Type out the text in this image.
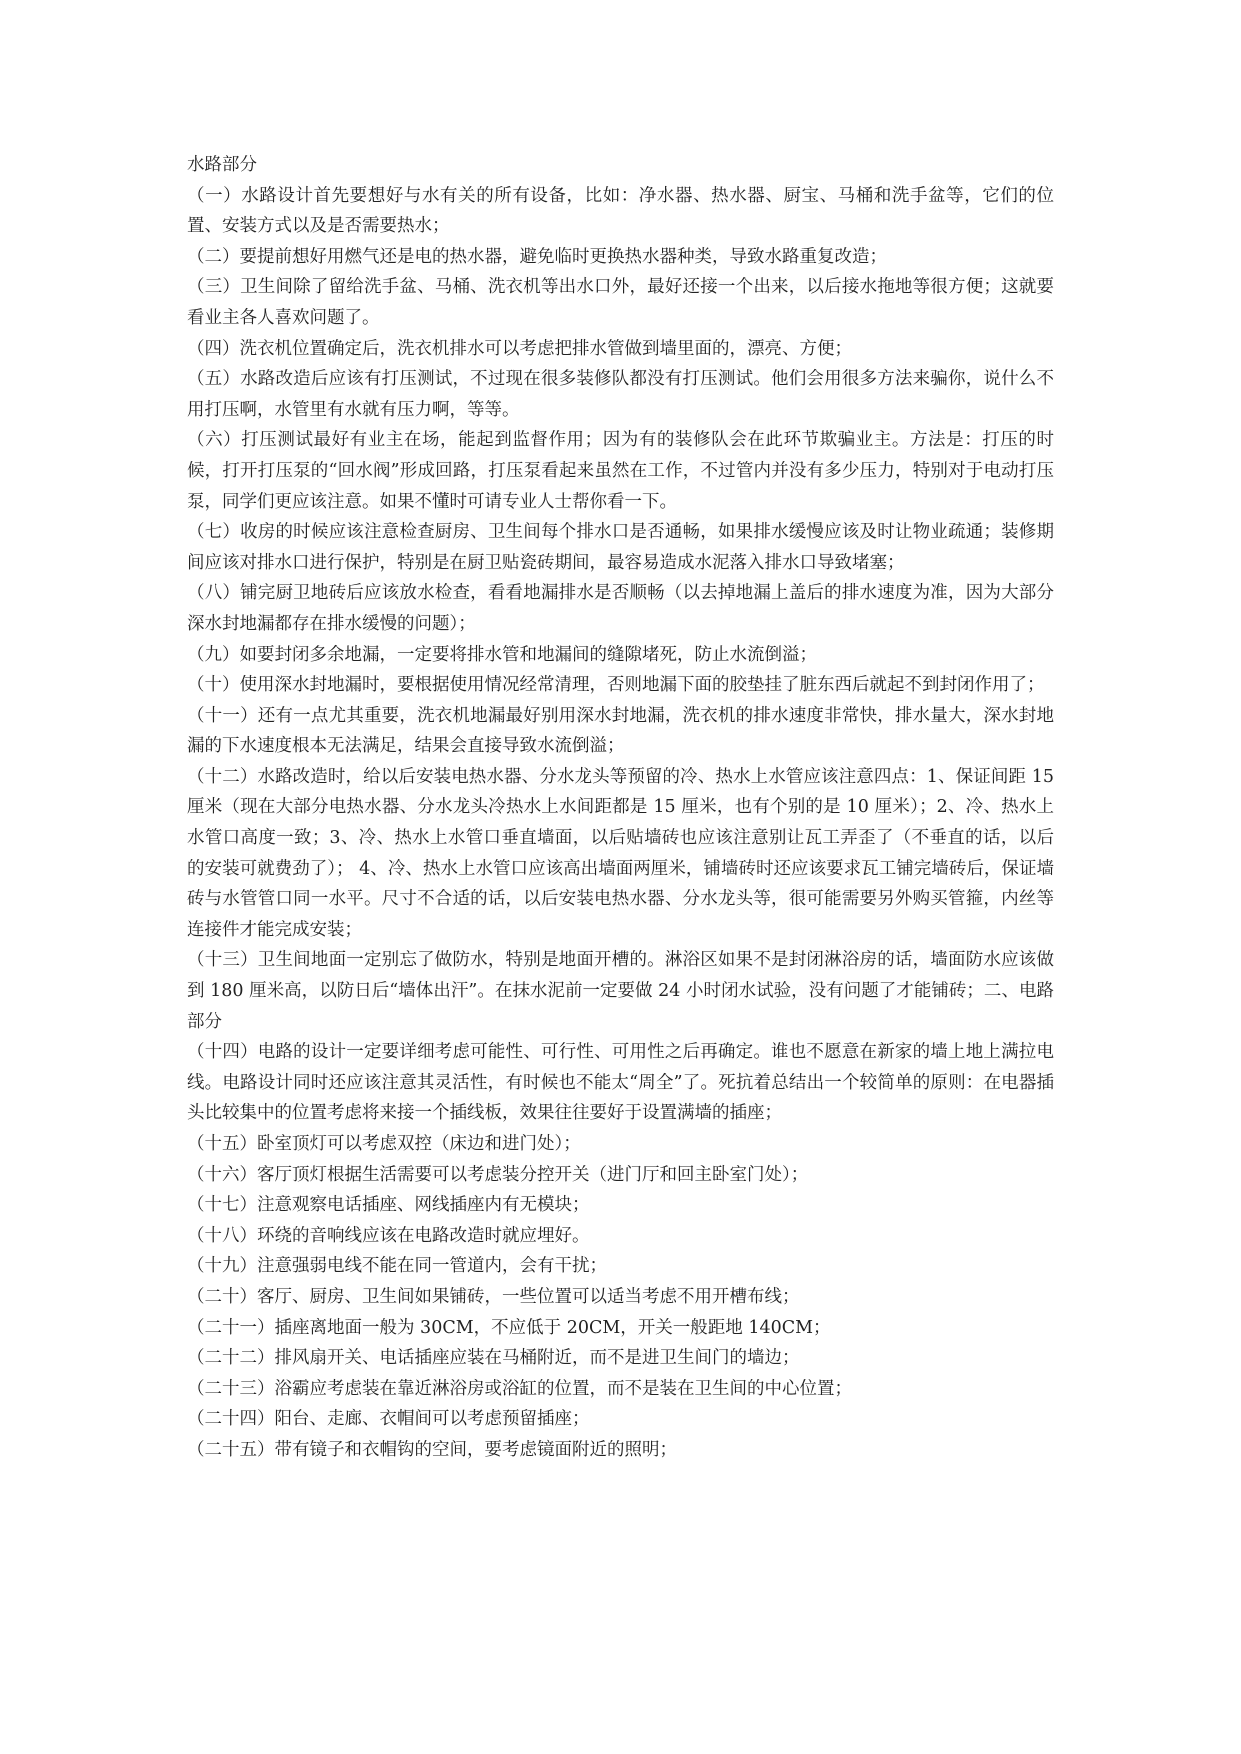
水路部分

（一）水路设计首先要想好与水有关的所有设备，比如：净水器、热水器、厨宝、马桶和洗手盆等，它们的位置、安装方式以及是否需要热水；

（二）要提前想好用燃气还是电的热水器，避免临时更换热水器种类，导致水路重复改造；

（三）卫生间除了留给洗手盆、马桶、洗衣机等出水口外，最好还接一个出来，以后接水拖地等很方便；这就要看业主各人喜欢问题了。

（四）洗衣机位置确定后，洗衣机排水可以考虑把排水管做到墙里面的，漂亮、方便；

（五）水路改造后应该有打压测试，不过现在很多装修队都没有打压测试。他们会用很多方法来骗你，说什么不用打压啊，水管里有水就有压力啊，等等。

（六）打压测试最好有业主在场，能起到监督作用；因为有的装修队会在此环节欺骗业主。方法是：打压的时候，打开打压泵的“回水阀”形成回路，打压泵看起来虽然在工作，不过管内并没有多少压力，特别对于电动打压泵，同学们更应该注意。如果不懂时可请专业人士帮你看一下。

（七）收房的时候应该注意检查厨房、卫生间每个排水口是否通畅，如果排水缓慢应该及时让物业疏通；装修期间应该对排水口进行保护，特别是在厨卫贴瓷砖期间，最容易造成水泥落入排水口导致堵塞；

（八）铺完厨卫地砖后应该放水检查，看看地漏排水是否顺畅（以去掉地漏上盖后的排水速度为准，因为大部分深水封地漏都存在排水缓慢的问题）；

（九）如要封闭多余地漏，一定要将排水管和地漏间的缝隙堵死，防止水流倒溢；

（十）使用深水封地漏时，要根据使用情况经常清理，否则地漏下面的胶垫挂了脏东西后就起不到封闭作用了；

（十一）还有一点尤其重要，洗衣机地漏最好别用深水封地漏，洗衣机的排水速度非常快，排水量大，深水封地漏的下水速度根本无法满足，结果会直接导致水流倒溢；

（十二）水路改造时，给以后安装电热水器、分水龙头等预留的冷、热水上水管应该注意四点：1、保证间距 15 厘米（现在大部分电热水器、分水龙头冷热水上水间距都是 15 厘米，也有个别的是 10 厘米）；2、冷、热水上水管口高度一致；3、冷、热水上水管口垂直墙面，以后贴墙砖也应该注意别让瓦工弄歪了（不垂直的话，以后的安装可就费劲了）； 4、冷、热水上水管口应该高出墙面两厘米，铺墙砖时还应该要求瓦工铺完墙砖后，保证墙砖与水管管口同一水平。尺寸不合适的话，以后安装电热水器、分水龙头等，很可能需要另外购买管箍，内丝等连接件才能完成安装；

（十三）卫生间地面一定别忘了做防水，特别是地面开槽的。淋浴区如果不是封闭淋浴房的话，墙面防水应该做到 180 厘米高，以防日后“墙体出汗”。在抹水泥前一定要做 24 小时闭水试验，没有问题了才能铺砖；二、电路部分

（十四）电路的设计一定要详细考虑可能性、可行性、可用性之后再确定。谁也不愿意在新家的墙上地上满拉电线。电路设计同时还应该注意其灵活性，有时候也不能太“周全”了。死抗着总结出一个较简单的原则：在电器插头比较集中的位置考虑将来接一个插线板，效果往往要好于设置满墙的插座；

（十五）卧室顶灯可以考虑双控（床边和进门处）；

（十六）客厅顶灯根据生活需要可以考虑装分控开关（进门厅和回主卧室门处）；

（十七）注意观察电话插座、网线插座内有无模块；

（十八）环绕的音响线应该在电路改造时就应埋好。

（十九）注意强弱电线不能在同一管道内，会有干扰；

（二十）客厅、厨房、卫生间如果铺砖，一些位置可以适当考虑不用开槽布线；

（二十一）插座离地面一般为 30CM，不应低于 20CM，开关一般距地 140CM；

（二十二）排风扇开关、电话插座应装在马桶附近，而不是进卫生间门的墙边；

（二十三）浴霸应考虑装在靠近淋浴房或浴缸的位置，而不是装在卫生间的中心位置；

（二十四）阳台、走廊、衣帽间可以考虑预留插座；

（二十五）带有镜子和衣帽钩的空间，要考虑镜面附近的照明；
